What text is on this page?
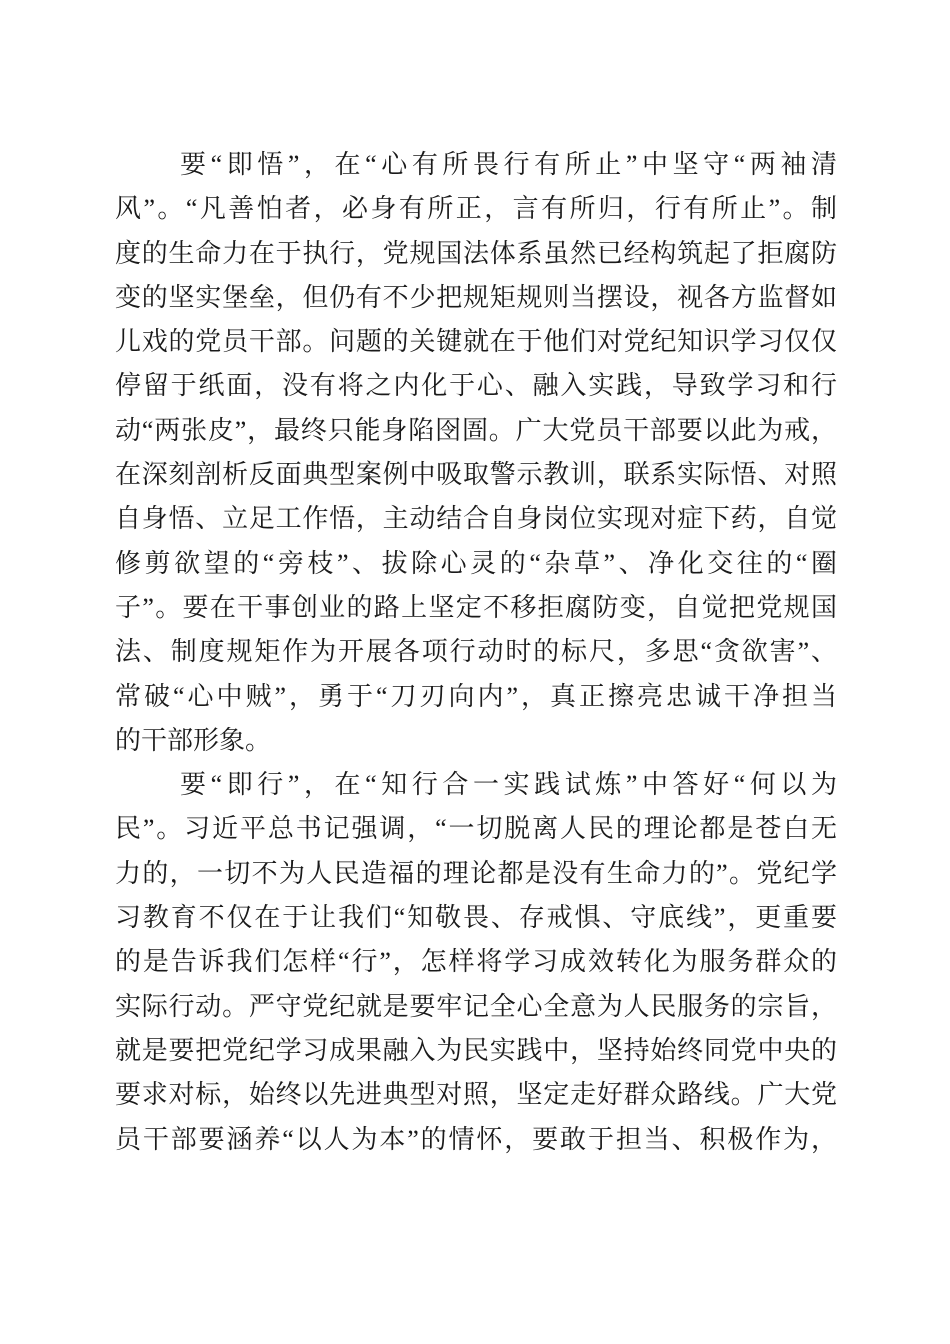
要“即悟”，在“心有所畏行有所止”中坚守“两袖清
风”。“凡善怕者，必身有所正，言有所归，行有所止”。制
度的生命力在于执行，党规国法体系虽然已经构筑起了拒腐防
变的坚实堡垒，但仍有不少把规矩规则当摆设，视各方监督如
儿戏的党员干部。问题的关键就在于他们对党纪知识学习仅仅
停留于纸面，没有将之内化于心、融入实践，导致学习和行
动“两张皮”，最终只能身陷囹圄。广大党员干部要以此为戒，
在深刻剖析反面典型案例中吸取警示教训，联系实际悟、对照
自身悟、立足工作悟，主动结合自身岗位实现对症下药，自觉
修剪欲望的“旁枝”、拔除心灵的“杂草”、净化交往的“圈
子”。要在干事创业的路上坚定不移拒腐防变，自觉把党规国
法、制度规矩作为开展各项行动时的标尺，多思“贪欲害”、
常破“心中贼”，勇于“刀刃向内”，真正擦亮忠诚干净担当
的干部形象。
要“即行”，在“知行合一实践试炼”中答好“何以为
民”。习近平总书记强调，“一切脱离人民的理论都是苍白无
力的，一切不为人民造福的理论都是没有生命力的”。党纪学
习教育不仅在于让我们“知敬畏、存戒惧、守底线”，更重要
的是告诉我们怎样“行”，怎样将学习成效转化为服务群众的
实际行动。严守党纪就是要牢记全心全意为人民服务的宗旨，
就是要把党纪学习成果融入为民实践中，坚持始终同党中央的
要求对标，始终以先进典型对照，坚定走好群众路线。广大党
员干部要涵养“以人为本”的情怀，要敢于担当、积极作为，
